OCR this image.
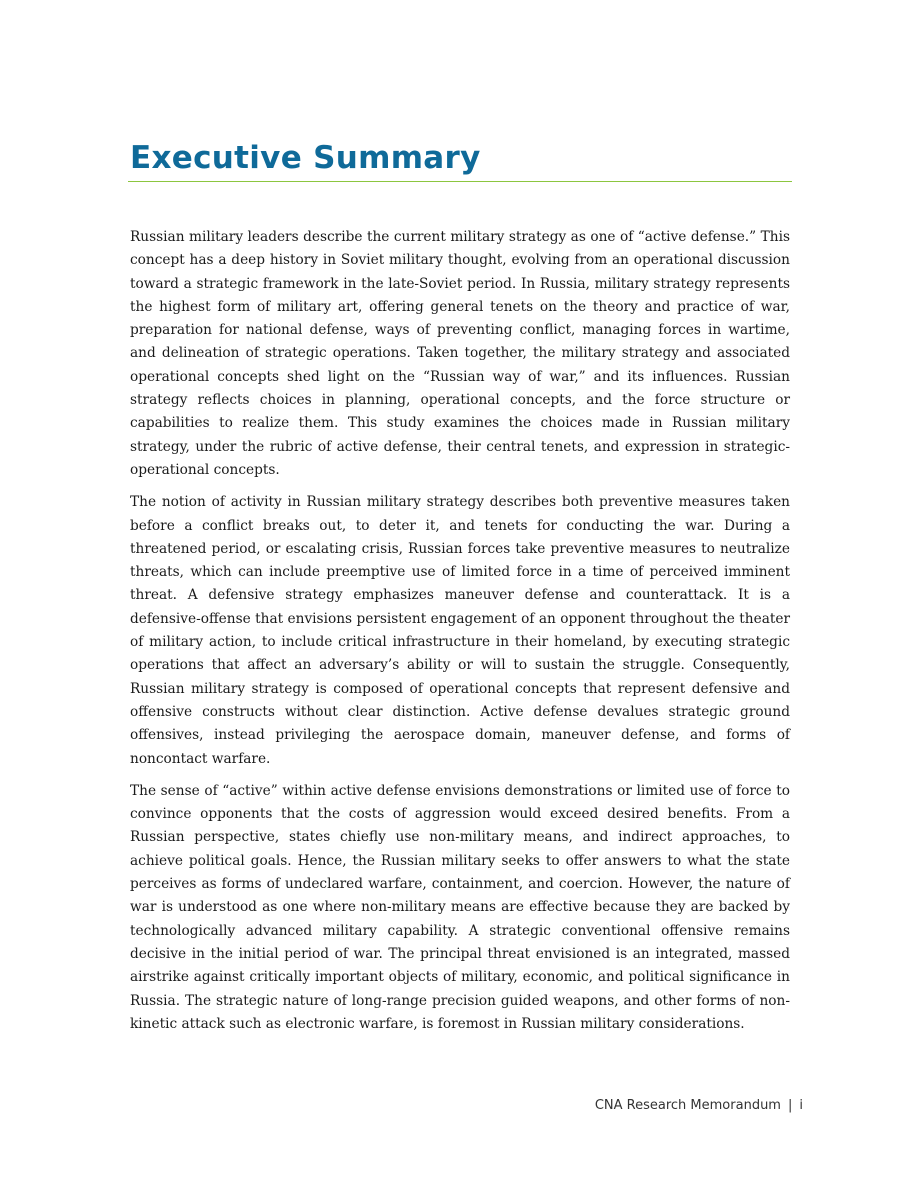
Executive Summary

Russian military leaders describe the current military strategy as one of “active defense.” This concept has a deep history in Soviet military thought, evolving from an operational discussion toward a strategic framework in the late-Soviet period. In Russia, military strategy represents the highest form of military art, offering general tenets on the theory and practice of war, preparation for national defense, ways of preventing conflict, managing forces in wartime, and delineation of strategic operations. Taken together, the military strategy and associated operational concepts shed light on the “Russian way of war,” and its influences. Russian strategy reflects choices in planning, operational concepts, and the force structure or capabilities to realize them. This study examines the choices made in Russian military strategy, under the rubric of active defense, their central tenets, and expression in strategic-operational concepts.

The notion of activity in Russian military strategy describes both preventive measures taken before a conflict breaks out, to deter it, and tenets for conducting the war. During a threatened period, or escalating crisis, Russian forces take preventive measures to neutralize threats, which can include preemptive use of limited force in a time of perceived imminent threat. A defensive strategy emphasizes maneuver defense and counterattack. It is a defensive-offense that envisions persistent engagement of an opponent throughout the theater of military action, to include critical infrastructure in their homeland, by executing strategic operations that affect an adversary’s ability or will to sustain the struggle. Consequently, Russian military strategy is composed of operational concepts that represent defensive and offensive constructs without clear distinction. Active defense devalues strategic ground offensives, instead privileging the aerospace domain, maneuver defense, and forms of noncontact warfare.

The sense of “active” within active defense envisions demonstrations or limited use of force to convince opponents that the costs of aggression would exceed desired benefits. From a Russian perspective, states chiefly use non-military means, and indirect approaches, to achieve political goals. Hence, the Russian military seeks to offer answers to what the state perceives as forms of undeclared warfare, containment, and coercion. However, the nature of war is understood as one where non-military means are effective because they are backed by technologically advanced military capability. A strategic conventional offensive remains decisive in the initial period of war. The principal threat envisioned is an integrated, massed airstrike against critically important objects of military, economic, and political significance in Russia. The strategic nature of long-range precision guided weapons, and other forms of non-kinetic attack such as electronic warfare, is foremost in Russian military considerations.

CNA Research Memorandum | i
